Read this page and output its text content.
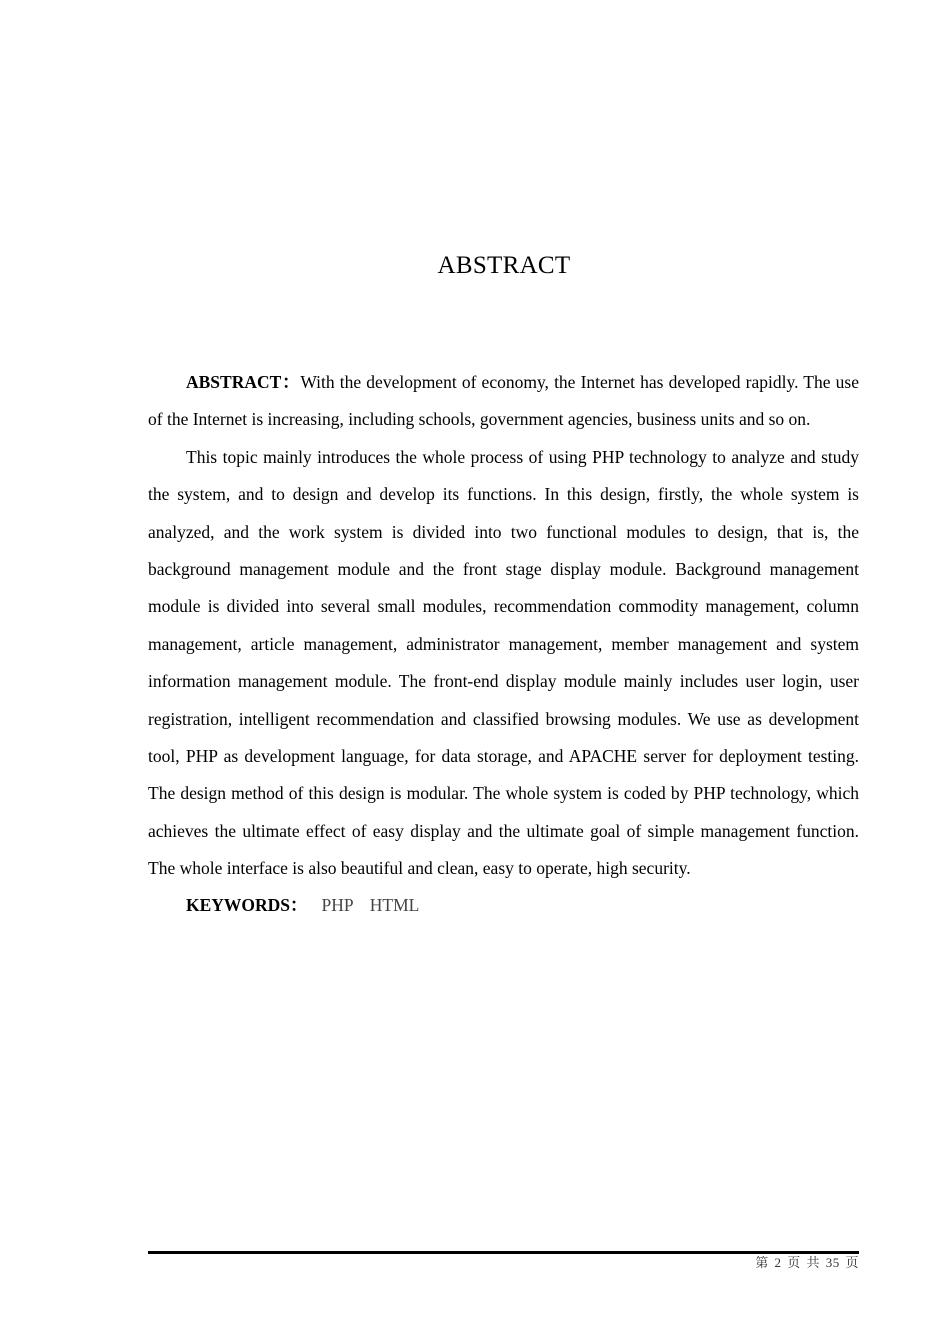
ABSTRACT

ABSTRACT：With the development of economy, the Internet has developed rapidly. The use of the Internet is increasing, including schools, government agencies, business units and so on.

This topic mainly introduces the whole process of using PHP technology to analyze and study the system, and to design and develop its functions. In this design, firstly, the whole system is analyzed, and the work system is divided into two functional modules to design, that is, the background management module and the front stage display module. Background management module is divided into several small modules, recommendation commodity management, column management, article management, administrator management, member management and system information management module. The front-end display module mainly includes user login, user registration, intelligent recommendation and classified browsing modules. We use as development tool, PHP as development language, for data storage, and APACHE server for deployment testing. The design method of this design is modular. The whole system is coded by PHP technology, which achieves the ultimate effect of easy display and the ultimate goal of simple management function. The whole interface is also beautiful and clean, easy to operate, high security.

KEYWORDS： PHP  HTML

第 2 页 共 35 页
